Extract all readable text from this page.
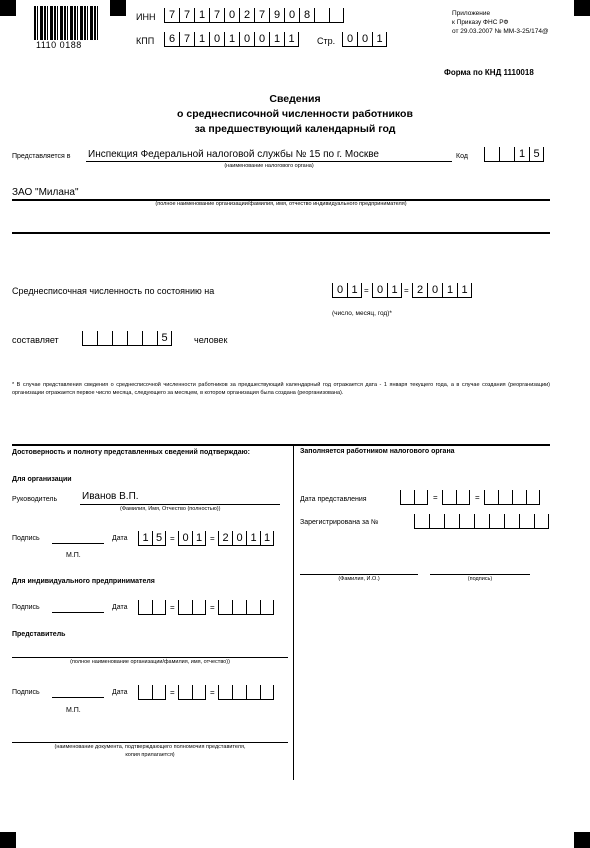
1110 0188
ИНН	7 7 1 7 0 2 7 9 0 8
КПП	6 7 1 0 1 0 0 1 1	Стр.	0 0 1
Приложение
к Приказу ФНС РФ
от 29.03.2007 № ММ-3-25/174@
Форма по КНД 1110018
Сведения
о среднесписочной численности работников
за предшествующий календарный год
Представляется в Инспекция Федеральной налоговой службы № 15 по г. Москве
(наименование налогового органа)
Код	1 5
ЗАО "Милана"
(полное наименование организации/фамилия, имя, отчество индивидуального предпринимателя)
Среднесписочная численность по состоянию на	0 1 = 0 1 = 2 0 1 1
(число, месяц, год)*
составляет	5	человек
* В случае представления сведения о среднесписочной численности работников за предшествующий календарный год отражается дата - 1 января текущего года, а в случае создания (реорганизации) организации отражается первое число месяца, следующего за месяцем, в котором организация была создана (реорганизована).
Достоверность и полноту представленных сведений подтверждаю:
Для организации
Руководитель Иванов В.П.
(Фамилия, Имя, Отчество (полностью))
Подпись	Дата	1 5 = 0 1 = 2 0 1 1
М.П.
Для индивидуального предпринимателя
Подпись	Дата	=	=
Представитель
(полное наименование организации/фамилия, имя, отчество))
Подпись	Дата	=	=
М.П.
(наименование документа, подтверждающего полномочия представителя,
копия прилагается)
Заполняется работником налогового органа
Дата представления	=	=
Зарегистрирована за №
(Фамилия, И.О.)	(подпись)
